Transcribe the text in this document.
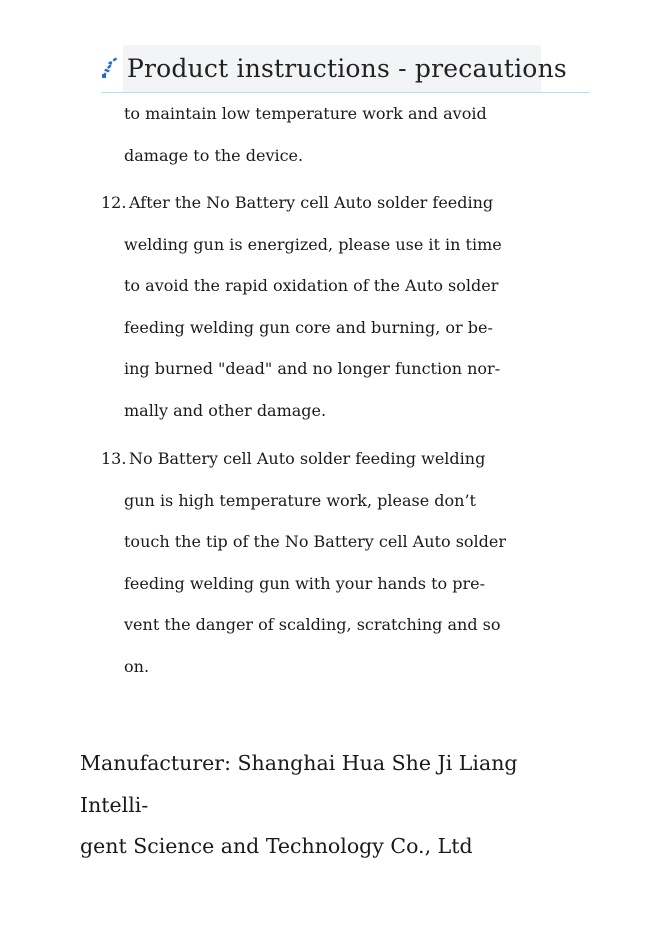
Product instructions - precautions
to maintain low temperature work and avoid
damage to the device.
12. After the No Battery cell Auto solder feeding
welding gun is energized, please use it in time
to avoid the rapid oxidation of the Auto solder
feeding welding gun core and burning, or be-
ing burned "dead" and no longer function nor-
mally and other damage.
13. No Battery cell Auto solder feeding welding
gun is high temperature work, please don’t
touch the tip of the No Battery cell Auto solder
feeding welding gun with your hands to pre-
vent the danger of scalding, scratching and so
on.
Manufacturer: Shanghai Hua She Ji Liang Intelli-
gent Science and Technology Co., Ltd
